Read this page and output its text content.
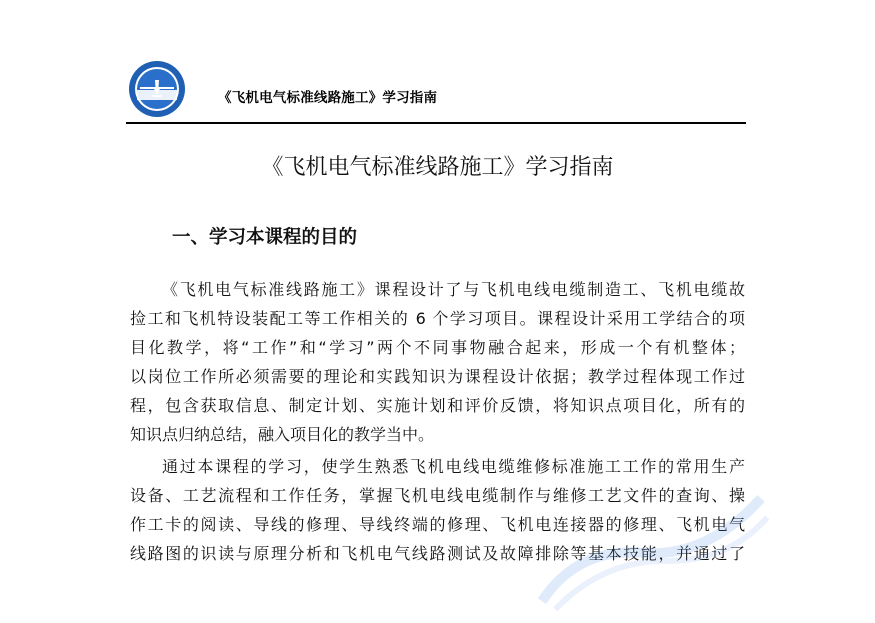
《飞机电气标准线路施工》学习指南
《飞机电气标准线路施工》学习指南
一、学习本课程的目的
《飞机电气标准线路施工》课程设计了与飞机电线电缆制造工、飞机电缆故
捡工和飞机特设装配工等工作相关的 6 个学习项目。课程设计采用工学结合的项
目化教学，将“工作”和“学习”两个不同事物融合起来，形成一个有机整体；
以岗位工作所必须需要的理论和实践知识为课程设计依据；教学过程体现工作过
程，包含获取信息、制定计划、实施计划和评价反馈，将知识点项目化，所有的
知识点归纳总结，融入项目化的教学当中。
通过本课程的学习，使学生熟悉飞机电线电缆维修标准施工工作的常用生产
设备、工艺流程和工作任务，掌握飞机电线电缆制作与维修工艺文件的查询、操
作工卡的阅读、导线的修理、导线终端的修理、飞机电连接器的修理、飞机电气
线路图的识读与原理分析和飞机电气线路测试及故障排除等基本技能，并通过了
